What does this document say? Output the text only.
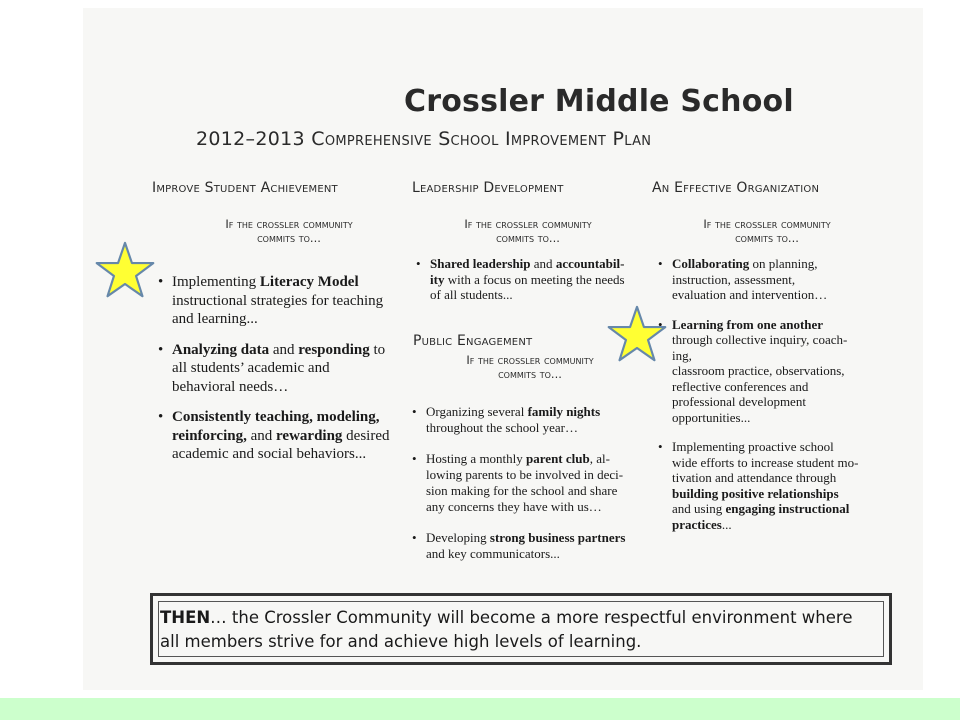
Crossler Middle School
2012–2013 Comprehensive School Improvement Plan
Improve Student Achievement
If the crossler community
commits to...
• Implementing Literacy Model
instructional strategies for teaching
and learning...
• Analyzing data and responding to
all students’ academic and
behavioral needs…
• Consistently teaching, modeling,
reinforcing, and rewarding desired
academic and social behaviors...
Leadership Development
If the crossler community
commits to...
• Shared leadership and accountabil-
ity with a focus on meeting the needs
of all students...
Public Engagement
If the crossler community
commits to...
• Organizing several family nights
throughout the school year…
• Hosting a monthly parent club, al-
lowing parents to be involved in deci-
sion making for the school and share
any concerns they have with us…
• Developing strong business partners
and key communicators...
An Effective Organization
If the crossler community
commits to...
• Collaborating on planning,
instruction, assessment,
evaluation and intervention…
• Learning from one another
through collective inquiry, coach-
ing,
classroom practice, observations,
reflective conferences and
professional development
opportunities...
• Implementing proactive school
wide efforts to increase student mo-
tivation and attendance through
building positive relationships
and using engaging instructional
practices...
THEN… the Crossler Community will become a more respectful environment where
all members strive for and achieve high levels of learning.
